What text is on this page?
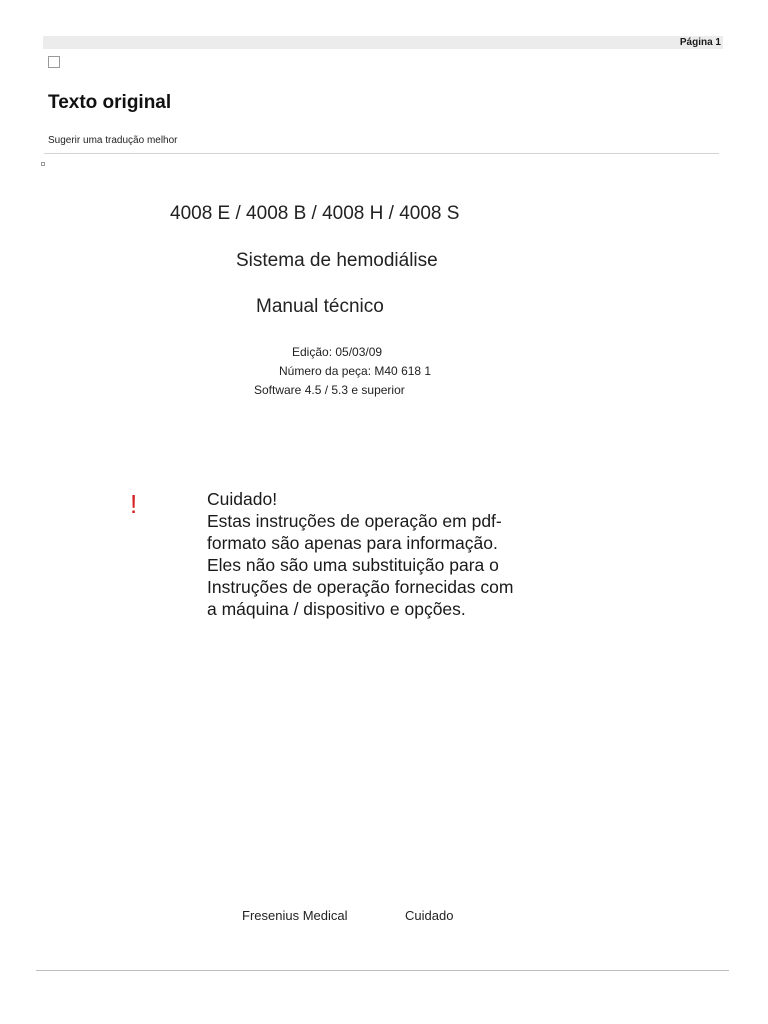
Página 1
Texto original
Sugerir uma tradução melhor
4008 E / 4008 B / 4008 H / 4008 S
Sistema de hemodiálise
Manual técnico
Edição: 05/03/09
Número da peça: M40 618 1
Software 4.5 / 5.3 e superior
!	Cuidado!
Estas instruções de operação em pdf-
formato são apenas para informação.
Eles não são uma substituição para o
Instruções de operação fornecidas com
a máquina / dispositivo e opções.
Fresenius Medical	Cuidado
